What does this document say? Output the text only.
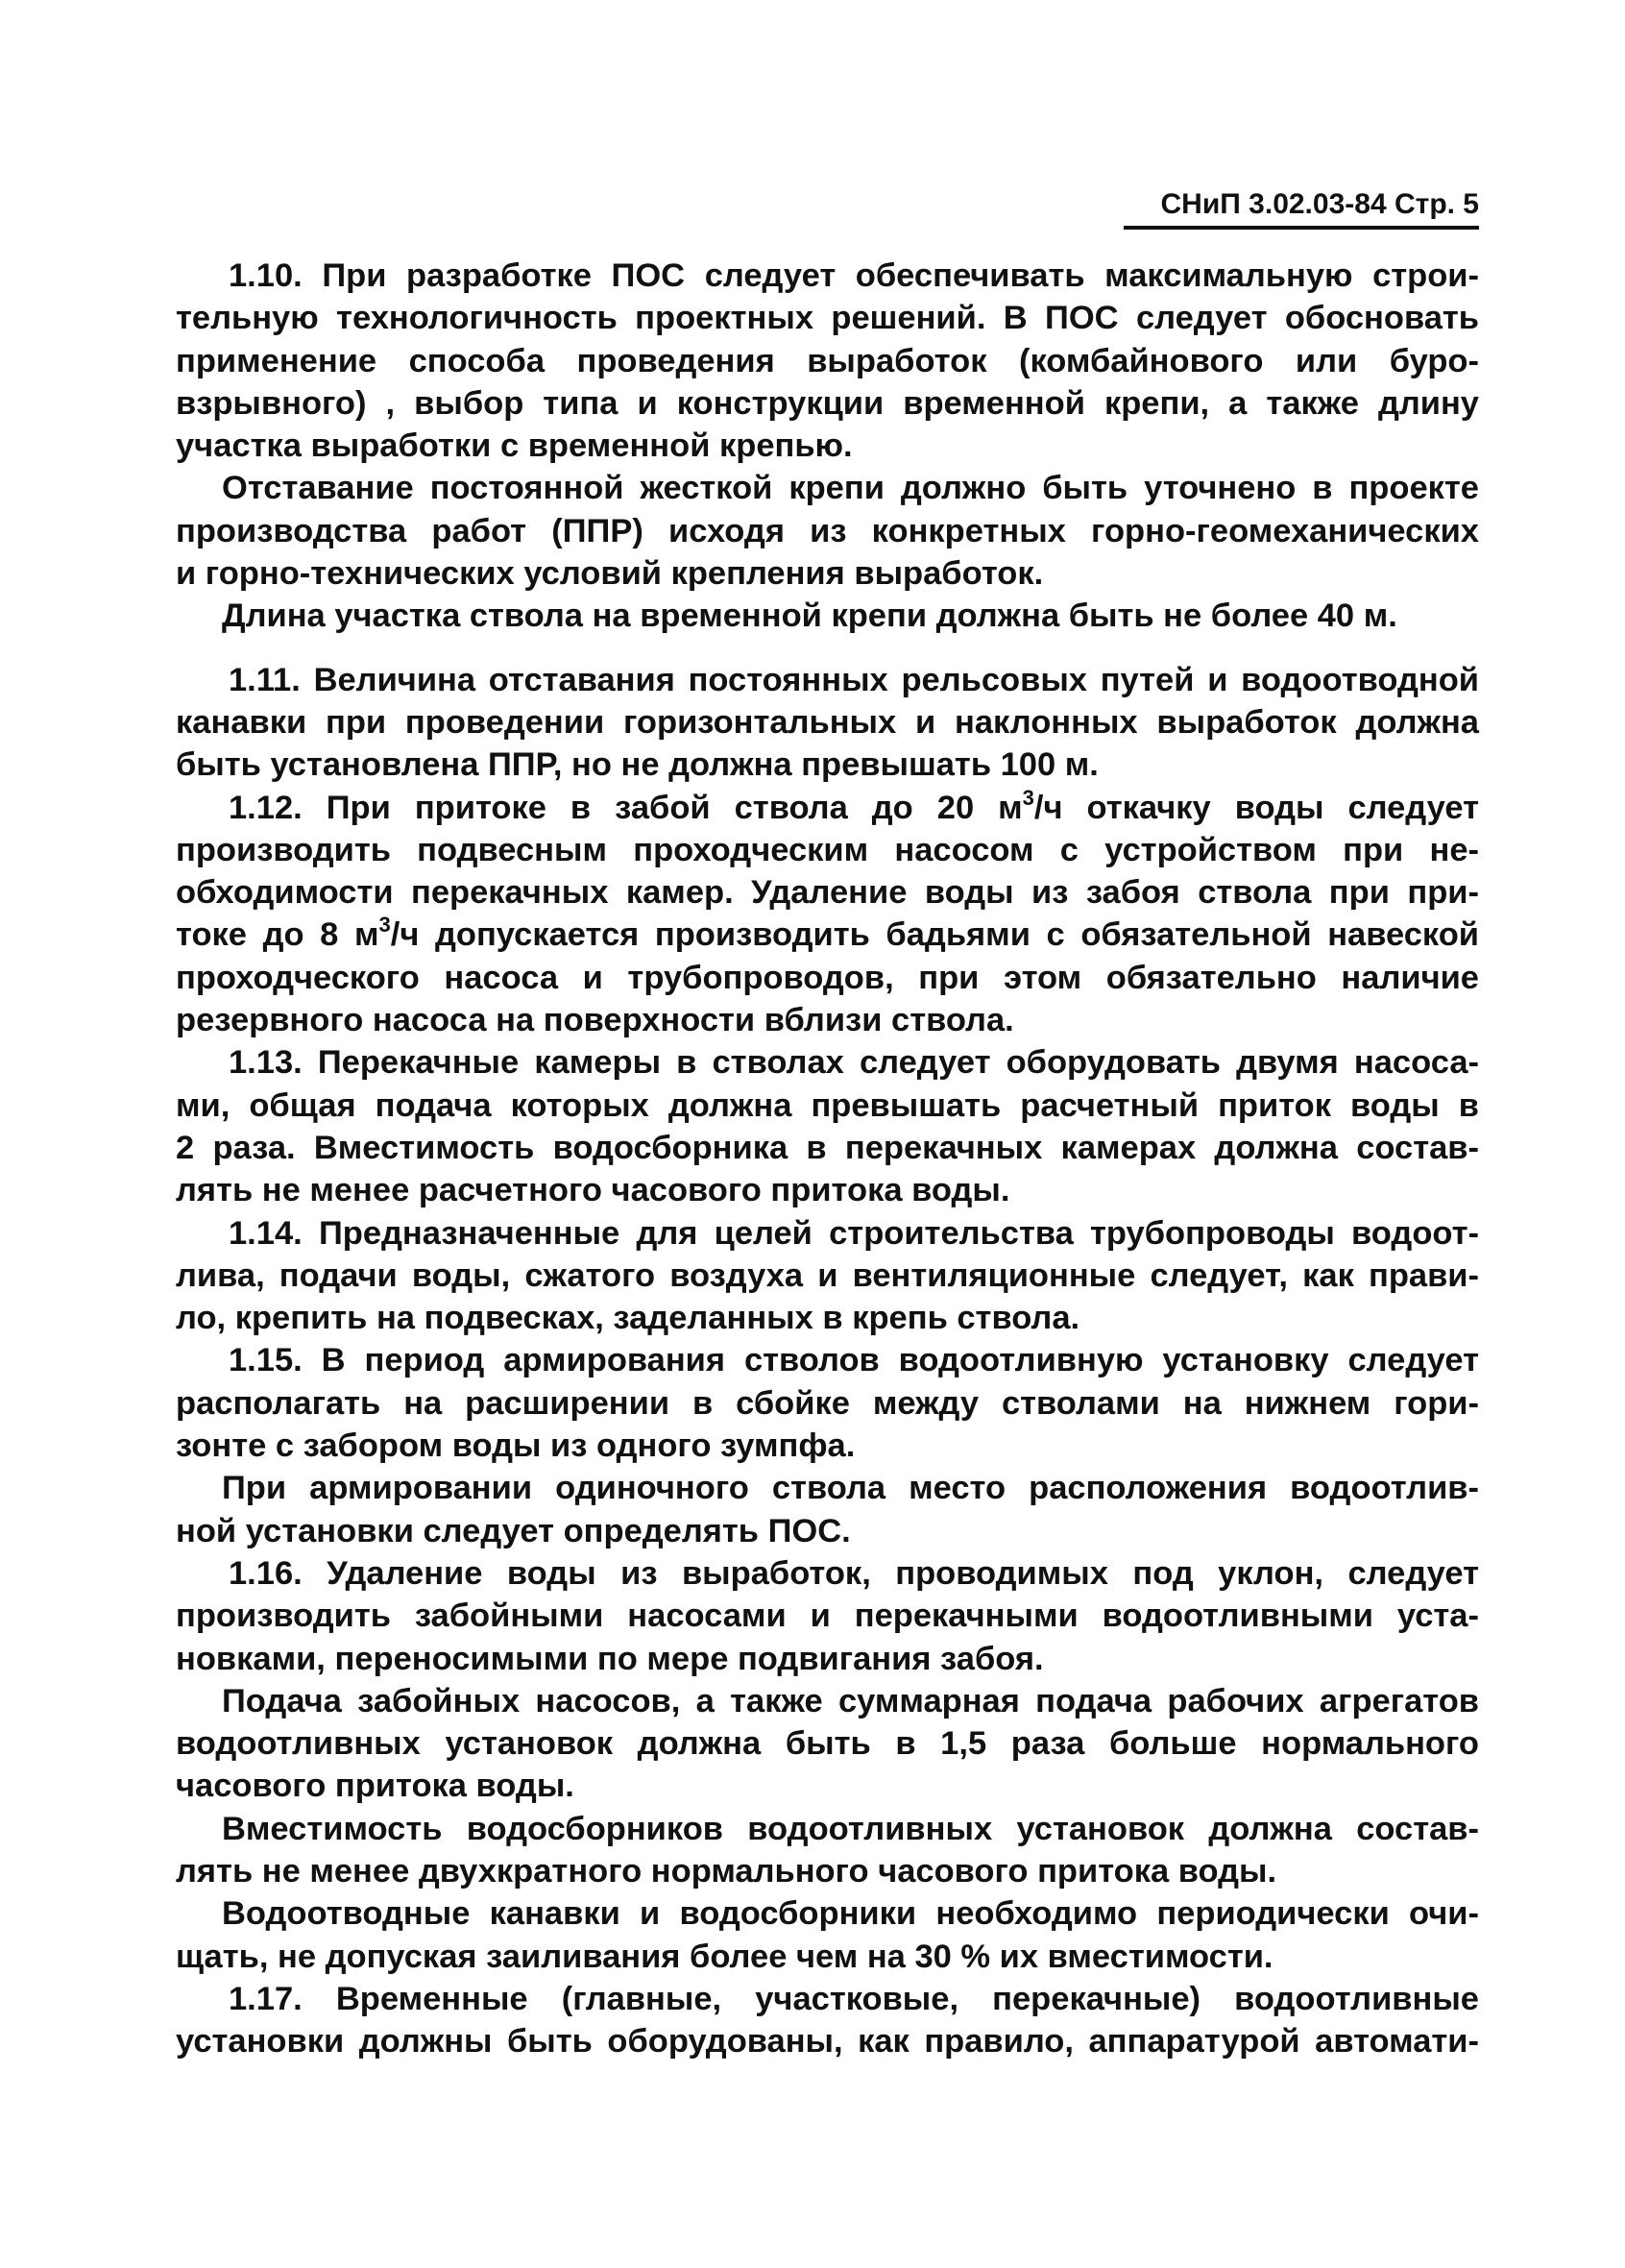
СНиП 3.02.03-84 Стр. 5
1.10. При разработке ПОС следует обеспечивать максимальную строи-
тельную технологичность проектных решений. В ПОС следует обосновать
применение способа проведения выработок (комбайнового или буро-
взрывного) , выбор типа и конструкции временной крепи, а также длину
участка выработки с временной крепью.
Отставание постоянной жесткой крепи должно быть уточнено в проекте
производства работ (ППР) исходя из конкретных горно-геомеханических
и горно-технических условий крепления выработок.
Длина участка ствола на временной крепи должна быть не более 40 м.
1.11. Величина отставания постоянных рельсовых путей и водоотводной
канавки при проведении горизонтальных и наклонных выработок должна
быть установлена ППР, но не должна превышать 100 м.
1.12. При притоке в забой ствола до 20 $м^3/ч$ откачку воды следует
производить подвесным проходческим насосом с устройством при не-
обходимости перекачных камер. Удаление воды из забоя ствола при при-
токе до 8 $м^3/ч$ допускается производить бадьями с обязательной навеской
проходческого насоса и трубопроводов, при этом обязательно наличие
резервного насоса на поверхности вблизи ствола.
1.13. Перекачные камеры в стволах следует оборудовать двумя насоса-
ми, общая подача которых должна превышать расчетный приток воды в
2 раза. Вместимость водосборника в перекачных камерах должна состав-
лять не менее расчетного часового притока воды.
1.14. Предназначенные для целей строительства трубопроводы водоот-
лива, подачи воды, сжатого воздуха и вентиляционные следует, как прави-
ло, крепить на подвесках, заделанных в крепь ствола.
1.15. В период армирования стволов водоотливную установку следует
располагать на расширении в сбойке между стволами на нижнем гори-
зонте с забором воды из одного зумпфа.
При армировании одиночного ствола место расположения водоотлив-
ной установки следует определять ПОС.
1.16. Удаление воды из выработок, проводимых под уклон, следует
производить забойными насосами и перекачными водоотливными уста-
новками, переносимыми по мере подвигания забоя.
Подача забойных насосов, а также суммарная подача рабочих агрегатов
водоотливных установок должна быть в 1,5 раза больше нормального
часового притока воды.
Вместимость водосборников водоотливных установок должна состав-
лять не менее двухкратного нормального часового притока воды.
Водоотводные канавки и водосборники необходимо периодически очи-
щать, не допуская заиливания более чем на 30 % их вместимости.
1.17. Временные (главные, участковые, перекачные) водоотливные
установки должны быть оборудованы, как правило, аппаратурой автомати-
